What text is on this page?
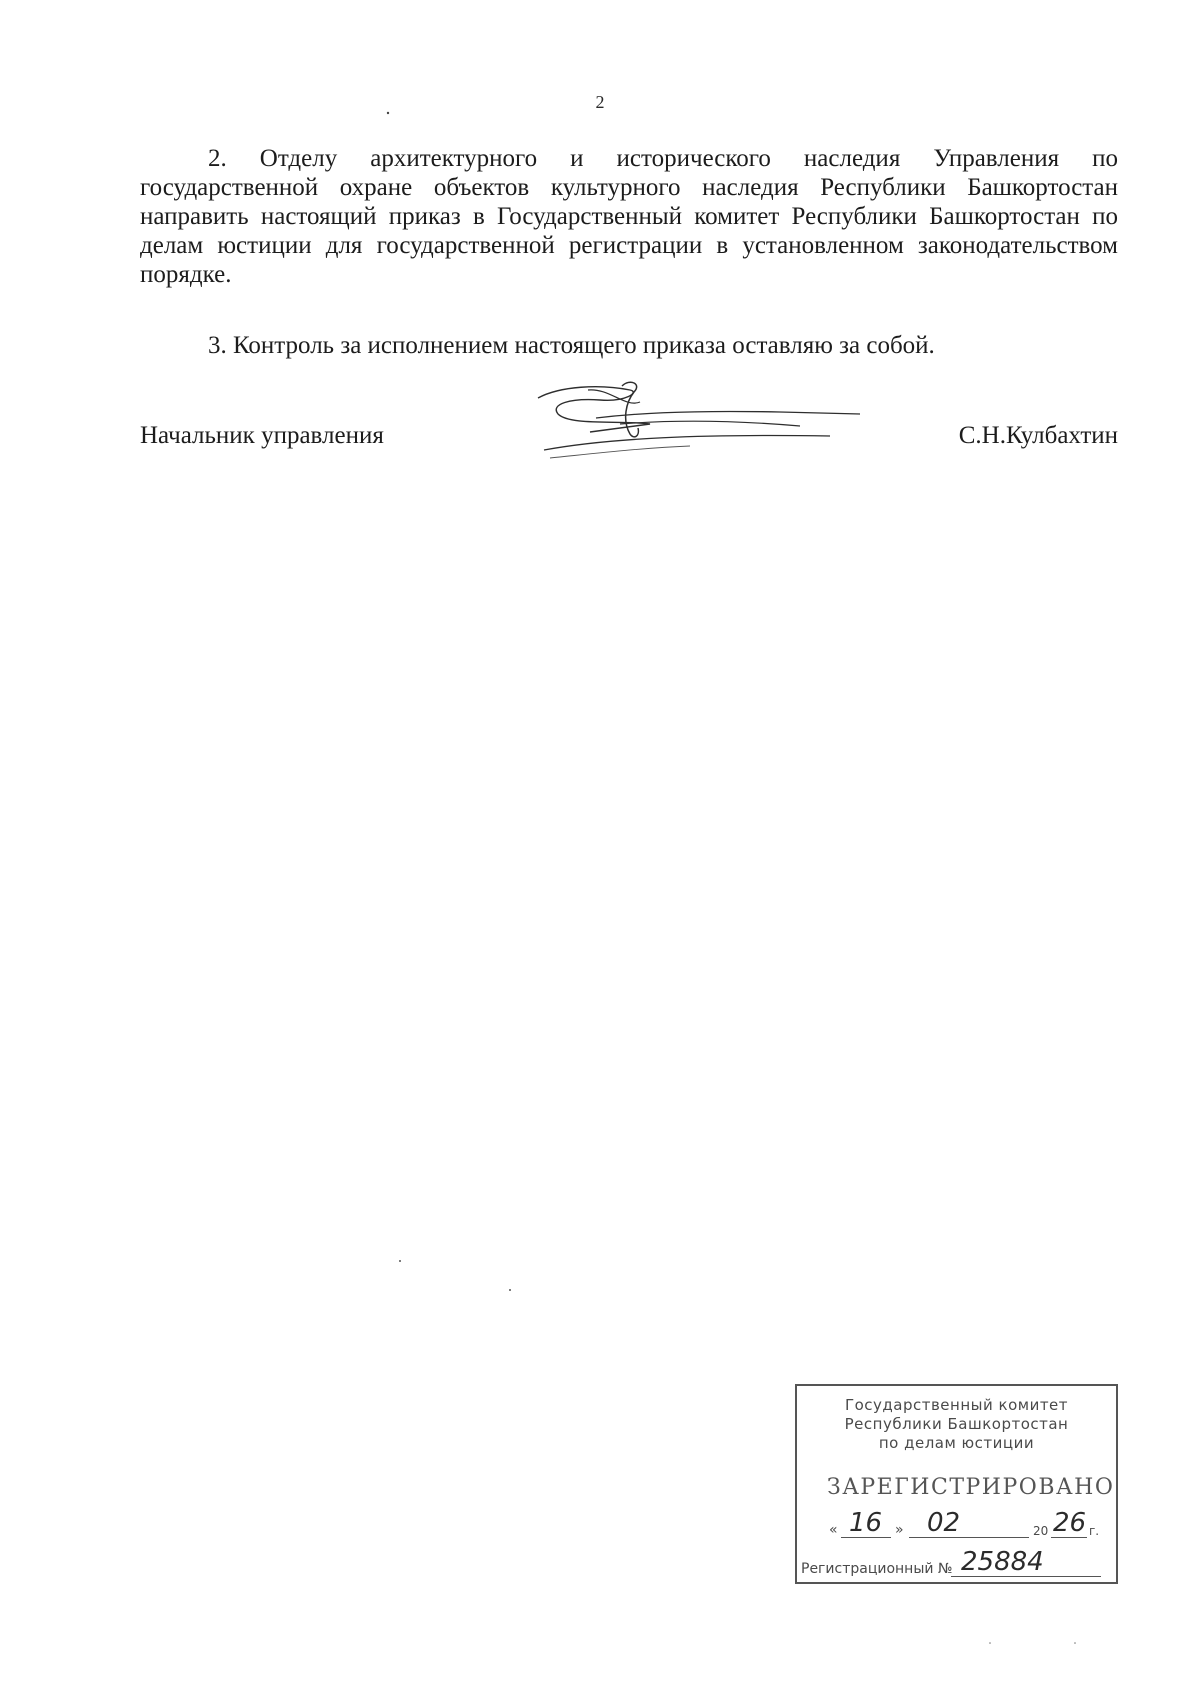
2

2. Отделу архитектурного и исторического наследия Управления по государственной охране объектов культурного наследия Республики Башкортостан направить настоящий приказ в Государственный комитет Республики Башкортостан по делам юстиции для государственной регистрации в установленном законодательством порядке.

3. Контроль за исполнением настоящего приказа оставляю за собой.

Начальник управления	С.Н.Кулбахтин
Государственный комитет
Республики Башкортостан
по делам юстиции
ЗАРЕГИСТРИРОВАНО
« 16 » 02	20 26 г.
Регистрационный № 25884
